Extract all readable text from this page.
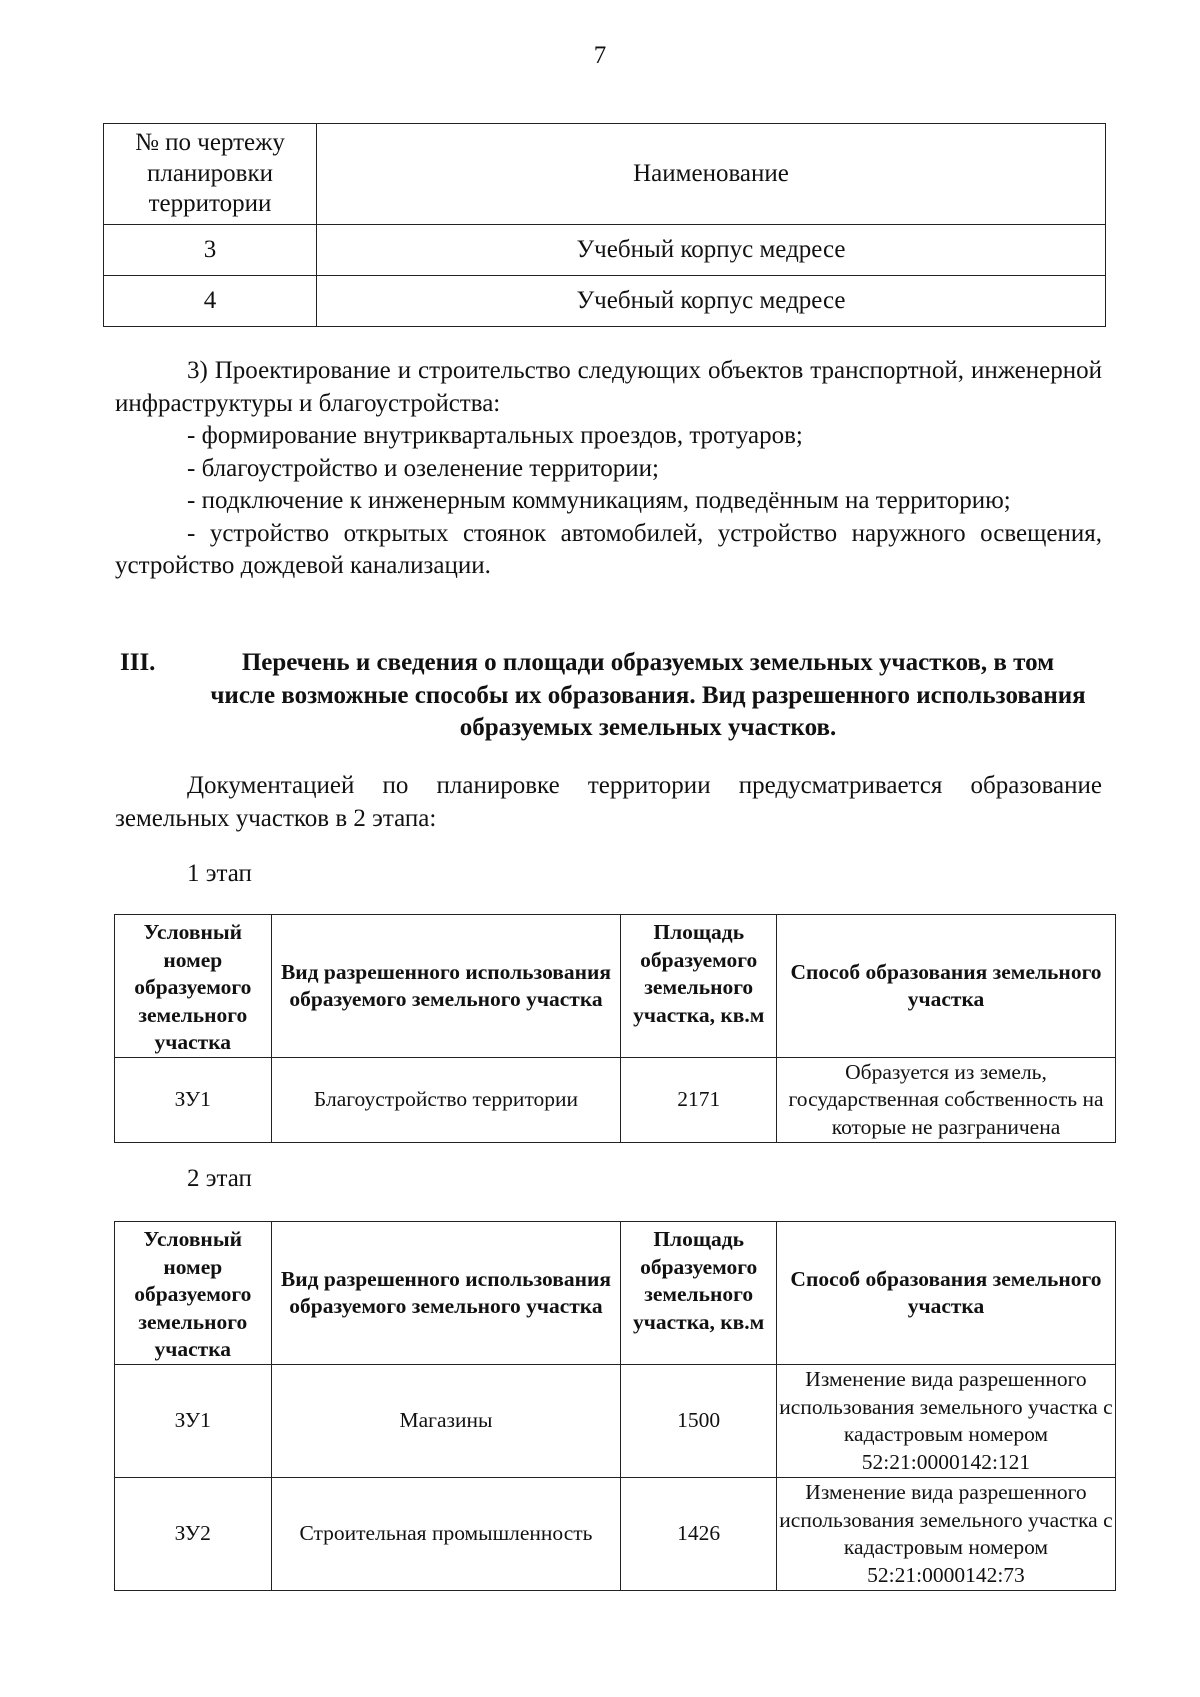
7
№ по чертежу планировки территории	Наименование
3	Учебный корпус медресе
4	Учебный корпус медресе

3) Проектирование и строительство следующих объектов транспортной, инженерной инфраструктуры и благоустройства:

- формирование внутриквартальных проездов, тротуаров;

- благоустройство и озеленение территории;

- подключение к инженерным коммуникациям, подведённым на территорию;

- устройство открытых стоянок автомобилей, устройство наружного освещения, устройство дождевой канализации.

III.	Перечень и сведения о площади образуемых земельных участков, в том числе возможные способы их образования. Вид разрешенного использования образуемых земельных участков.

Документацией по планировке территории предусматривается образование земельных участков в 2 этапа:

1 этап
Условный номер образуемого земельного участка	Вид разрешенного использования образуемого земельного участка	Площадь образуемого земельного участка, кв.м	Способ образования земельного участка
ЗУ1	Благоустройство территории	2171	Образуется из земель, государственная собственность на которые не разграничена
2 этап
Условный номер образуемого земельного участка	Вид разрешенного использования образуемого земельного участка	Площадь образуемого земельного участка, кв.м	Способ образования земельного участка
ЗУ1	Магазины	1500	Изменение вида разрешенного использования земельного участка с кадастровым номером 52:21:0000142:121
ЗУ2	Строительная промышленность	1426	Изменение вида разрешенного использования земельного участка с кадастровым номером 52:21:0000142:73
